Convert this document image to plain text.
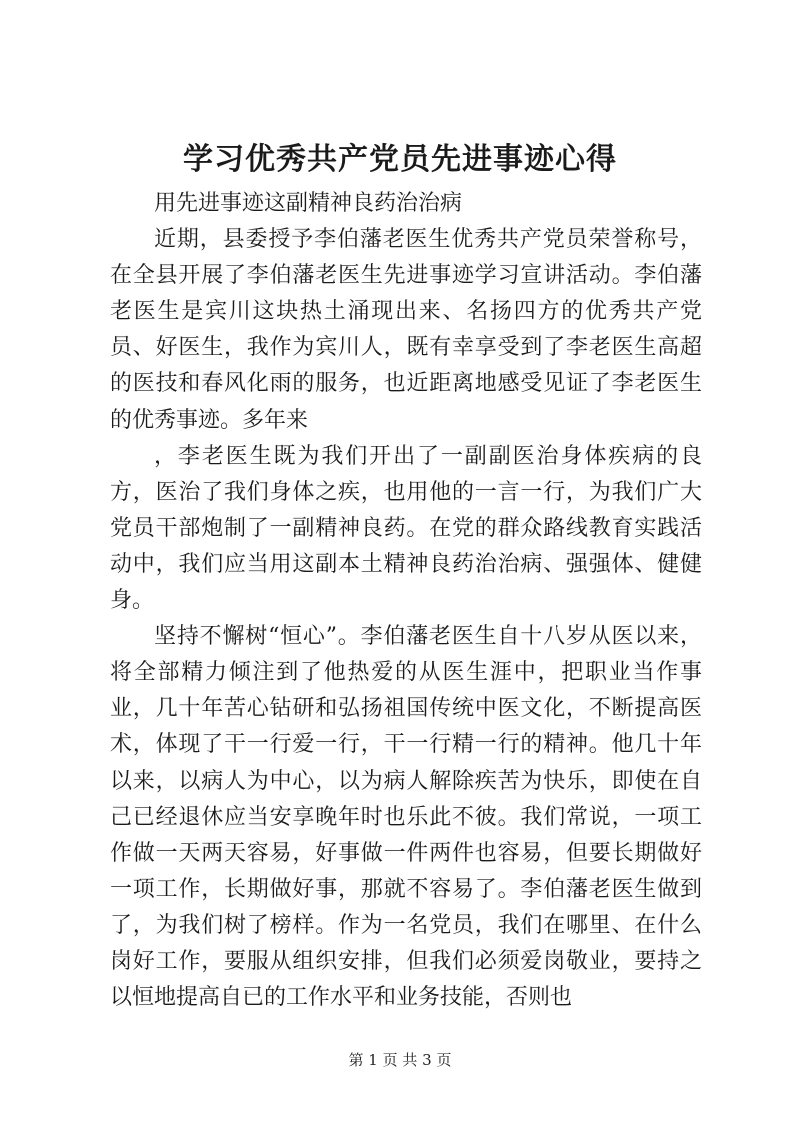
学习优秀共产党员先进事迹心得

用先进事迹这副精神良药治治病

近期，县委授予李伯藩老医生优秀共产党员荣誉称号，在全县开展了李伯藩老医生先进事迹学习宣讲活动。李伯藩老医生是宾川这块热土涌现出来、名扬四方的优秀共产党员、好医生，我作为宾川人，既有幸享受到了李老医生高超的医技和春风化雨的服务，也近距离地感受见证了李老医生的优秀事迹。多年来

，李老医生既为我们开出了一副副医治身体疾病的良方，医治了我们身体之疾，也用他的一言一行，为我们广大党员干部炮制了一副精神良药。在党的群众路线教育实践活动中，我们应当用这副本土精神良药治治病、强强体、健健身。

坚持不懈树“恒心”。李伯藩老医生自十八岁从医以来，将全部精力倾注到了他热爱的从医生涯中，把职业当作事业，几十年苦心钻研和弘扬祖国传统中医文化，不断提高医术，体现了干一行爱一行，干一行精一行的精神。他几十年以来，以病人为中心，以为病人解除疾苦为快乐，即使在自己已经退休应当安享晚年时也乐此不彼。我们常说，一项工作做一天两天容易，好事做一件两件也容易，但要长期做好一项工作，长期做好事，那就不容易了。李伯藩老医生做到了，为我们树了榜样。作为一名党员，我们在哪里、在什么岗好工作，要服从组织安排，但我们必须爱岗敬业，要持之以恒地提高自已的工作水平和业务技能，否则也

第 1 页 共 3 页
